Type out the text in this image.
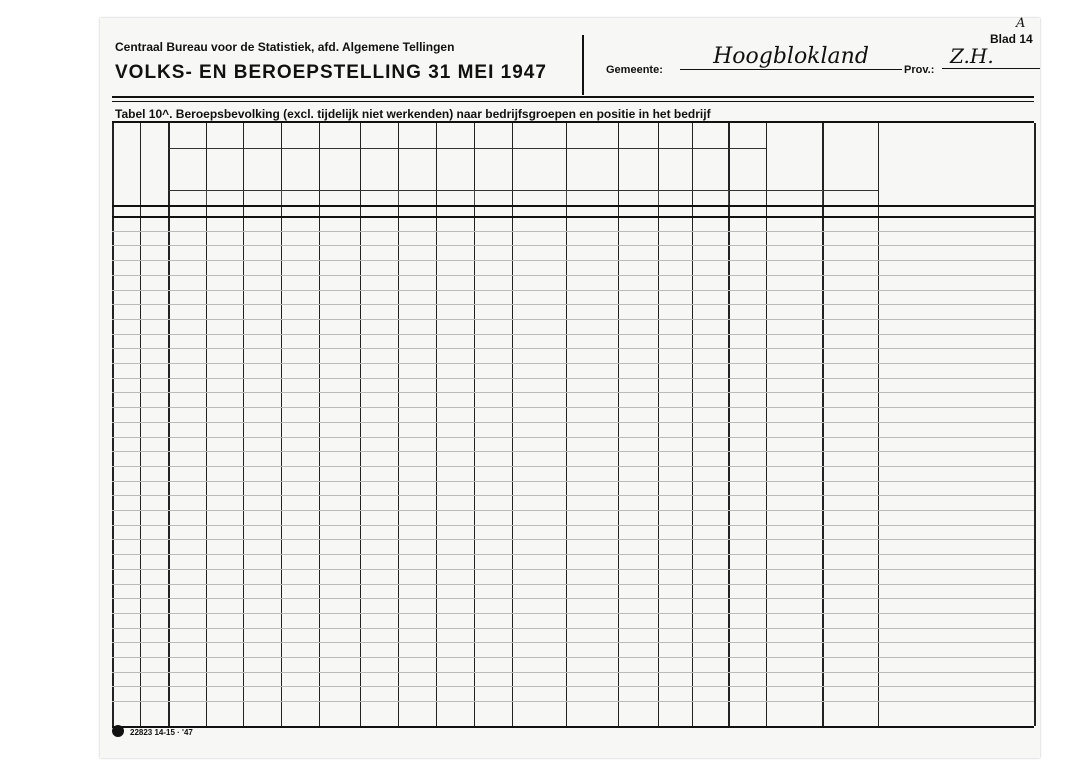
Centraal Bureau voor de Statistiek, afd. Algemene Tellingen
VOLKS- EN BEROEPSTELLING 31 MEI 1947	Gemeente:
Hoogblokland
Prov.:
Z.H.
Blad 14
A
Tabel 10^. Beroepsbevolking (excl. tijdelijk niet werkenden) naar bedrijfsgroepen en positie in het bedrijf
22823 14-15 · '47
